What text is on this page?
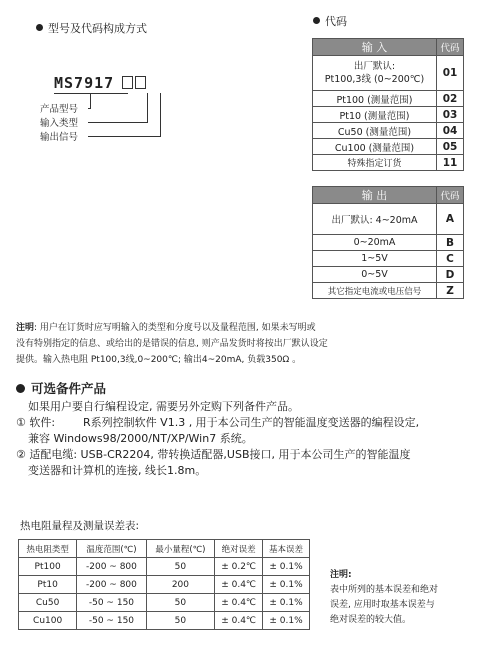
型号及代码构成方式
MS7917
产品型号
输入类型
输出信号
代码
输 入	代码
出厂默认:
Pt100,3线 (0~200℃)	01
Pt100 (测量范围)	02
Pt10 (测量范围)	03
Cu50 (测量范围)	04
Cu100 (测量范围)	05
特殊指定订货	11
输 出	代码
出厂默认: 4~20mA	A
0~20mA	B
1~5V	C
0~5V	D
其它指定电流或电压信号	Z
注明: 用户在订货时应写明输入的类型和分度号以及量程范围, 如果未写明或
没有特别指定的信息、或给出的是错误的信息, 则产品发货时将按出厂默认设定
提供。输入热电阻 Pt100,3线,0~200℃; 输出4~20mA, 负载350Ω 。
可选备件产品
如果用户要自行编程设定, 需要另外定购下列备件产品。
① 软件:        R系列控制软件 V1.3 , 用于本公司生产的智能温度变送器的编程设定,
兼容 Windows98/2000/NT/XP/Win7 系统。
② 适配电缆: USB-CR2204, 带转换适配器,USB接口, 用于本公司生产的智能温度
变送器和计算机的连接, 线长1.8m。
热电阻量程及测量误差表:
热电阻类型	温度范围(℃)	最小量程(℃)	绝对误差	基本误差
Pt100	-200 ~ 800	50	± 0.2℃	± 0.1%
Pt10	-200 ~ 800	200	± 0.4℃	± 0.1%
Cu50	-50 ~ 150	50	± 0.4℃	± 0.1%
Cu100	-50 ~ 150	50	± 0.4℃	± 0.1%
注明:
表中所列的基本误差和绝对
误差, 应用时取基本误差与
绝对误差的较大值。
